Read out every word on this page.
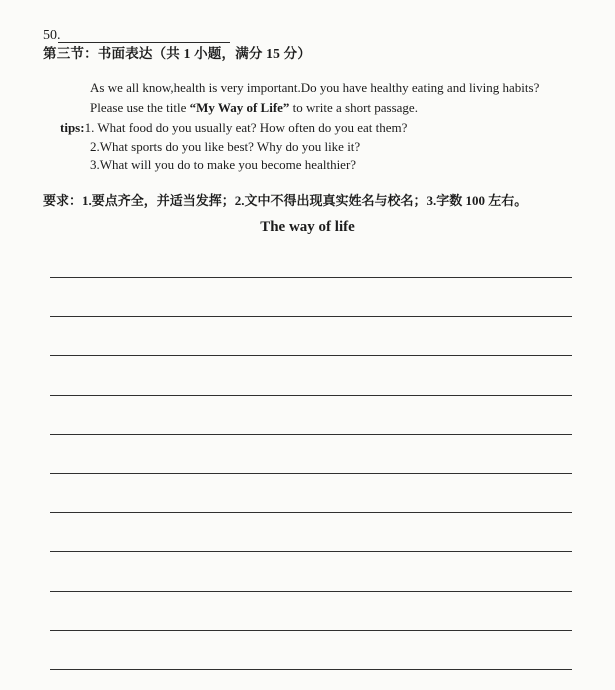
50.
第三节：书面表达（共 1 小题，满分 15 分）
As we all know,health is very important.Do you have healthy eating and living habits?
Please use the title “My Way of Life” to write a short passage.
tips:1. What food do you usually eat? How often do you eat them?
2.What sports do you like best? Why do you like it?
3.What will you do to make you become healthier?
要求：1.要点齐全，并适当发挥；2.文中不得出现真实姓名与校名；3.字数 100 左右。
The way of life
